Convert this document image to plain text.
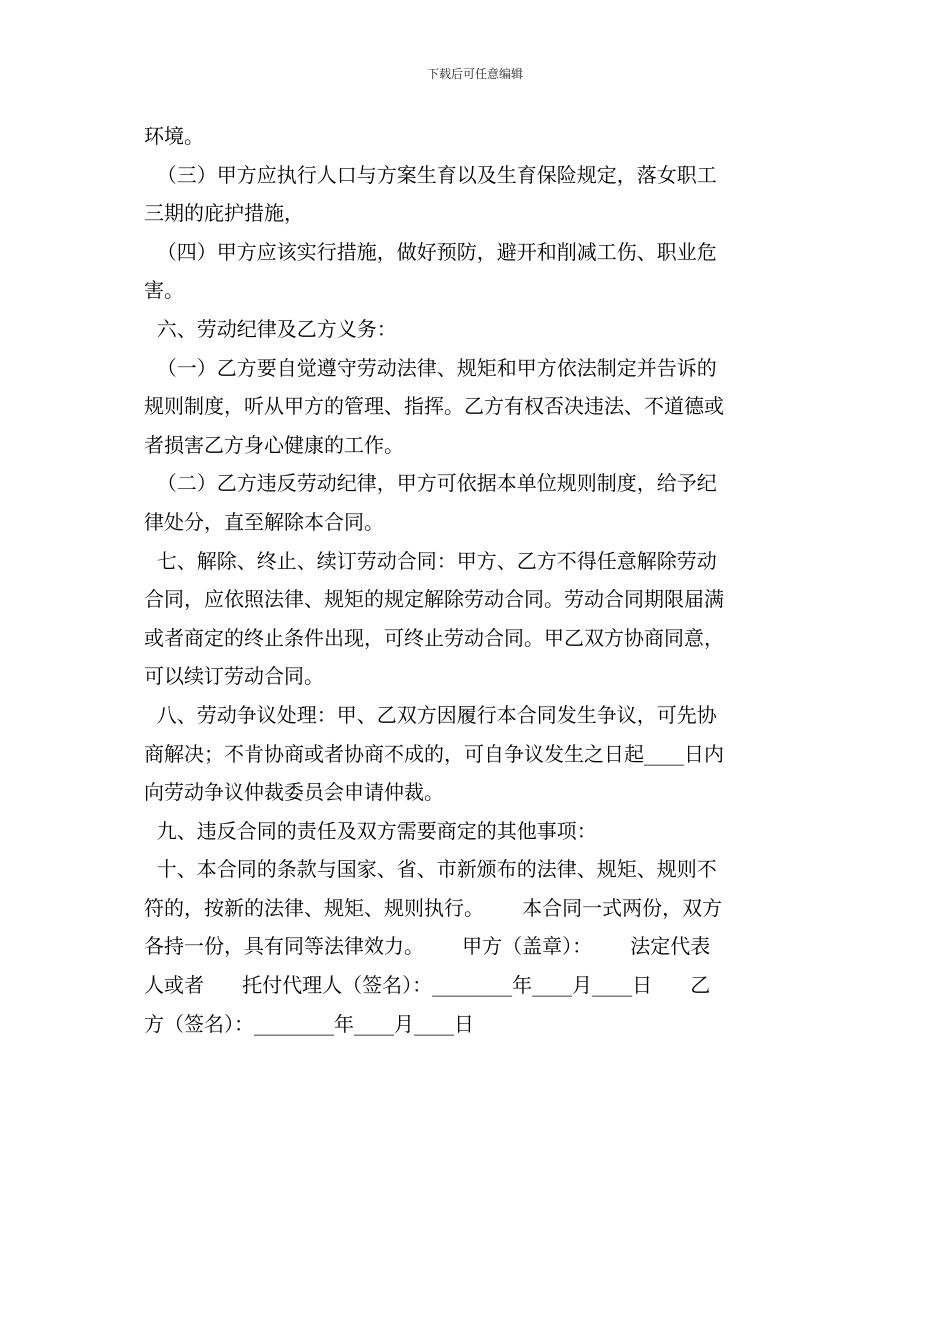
下载后可任意编辑
环境。
（三）甲方应执行人口与方案生育以及生育保险规定，落女职工
三期的庇护措施，
（四）甲方应该实行措施，做好预防，避开和削减工伤、职业危
害。
六、劳动纪律及乙方义务：
（一）乙方要自觉遵守劳动法律、规矩和甲方依法制定并告诉的
规则制度，听从甲方的管理、指挥。乙方有权否决违法、不道德或
者损害乙方身心健康的工作。
（二）乙方违反劳动纪律，甲方可依据本单位规则制度，给予纪
律处分，直至解除本合同。
七、解除、终止、续订劳动合同：甲方、乙方不得任意解除劳动
合同，应依照法律、规矩的规定解除劳动合同。劳动合同期限届满
或者商定的终止条件出现，可终止劳动合同。甲乙双方协商同意，
可以续订劳动合同。
八、劳动争议处理：甲、乙双方因履行本合同发生争议，可先协
商解决；不肯协商或者协商不成的，可自争议发生之日起____日内
向劳动争议仲裁委员会申请仲裁。
九、违反合同的责任及双方需要商定的其他事项：
十、本合同的条款与国家、省、市新颁布的法律、规矩、规则不
符的，按新的法律、规矩、规则执行。      本合同一式两份，双方
各持一份，具有同等法律效力。      甲方（盖章）：      法定代表
人或者      托付代理人（签名）：________年____月____日      乙
方（签名）：________年____月____日
